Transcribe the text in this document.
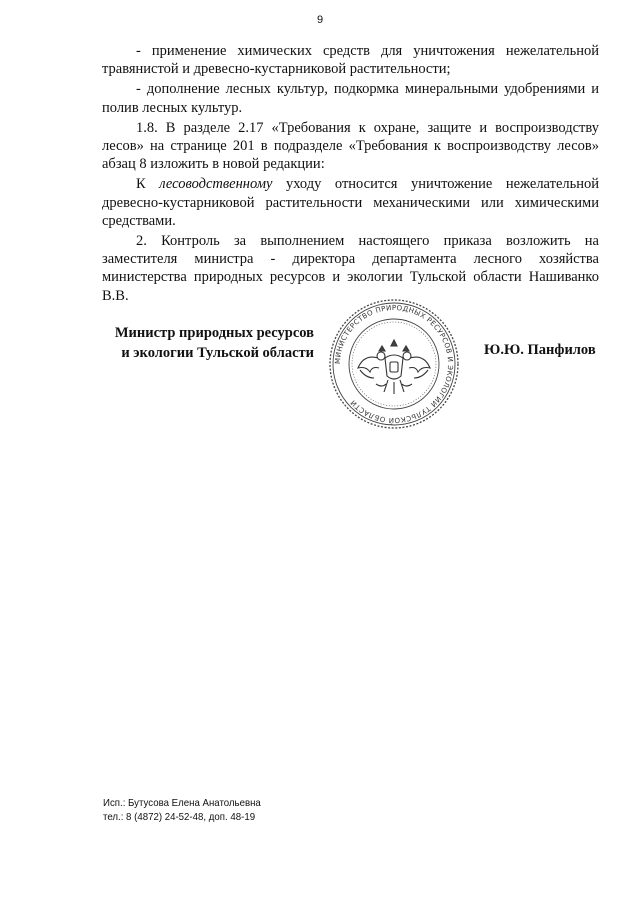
9

- применение химических средств для уничтожения нежелательной травянистой и древесно-кустарниковой растительности;

- дополнение лесных культур, подкормка минеральными удобрениями и полив лесных культур.

1.8. В разделе 2.17 «Требования к охране, защите и воспроизводству лесов» на странице 201 в подразделе «Требования к воспроизводству лесов» абзац 8 изложить в новой редакции:

К лесоводственному уходу относится уничтожение нежелательной древесно-кустарниковой растительности механическими или химическими средствами.

2. Контроль за выполнением настоящего приказа возложить на заместителя министра - директора департамента лесного хозяйства министерства природных ресурсов и экологии Тульской области Нашиванко В.В.

Министр природных ресурсов
и экологии Тульской области	МИНИСТЕРСТВО ПРИРОДНЫХ РЕСУРСОВ И ЭКОЛОГИИ ТУЛЬСКОЙ ОБЛАСТИ
Ю.Ю. Панфилов
Исп.: Бутусова Елена Анатольевна
тел.: 8 (4872) 24-52-48, доп. 48-19
